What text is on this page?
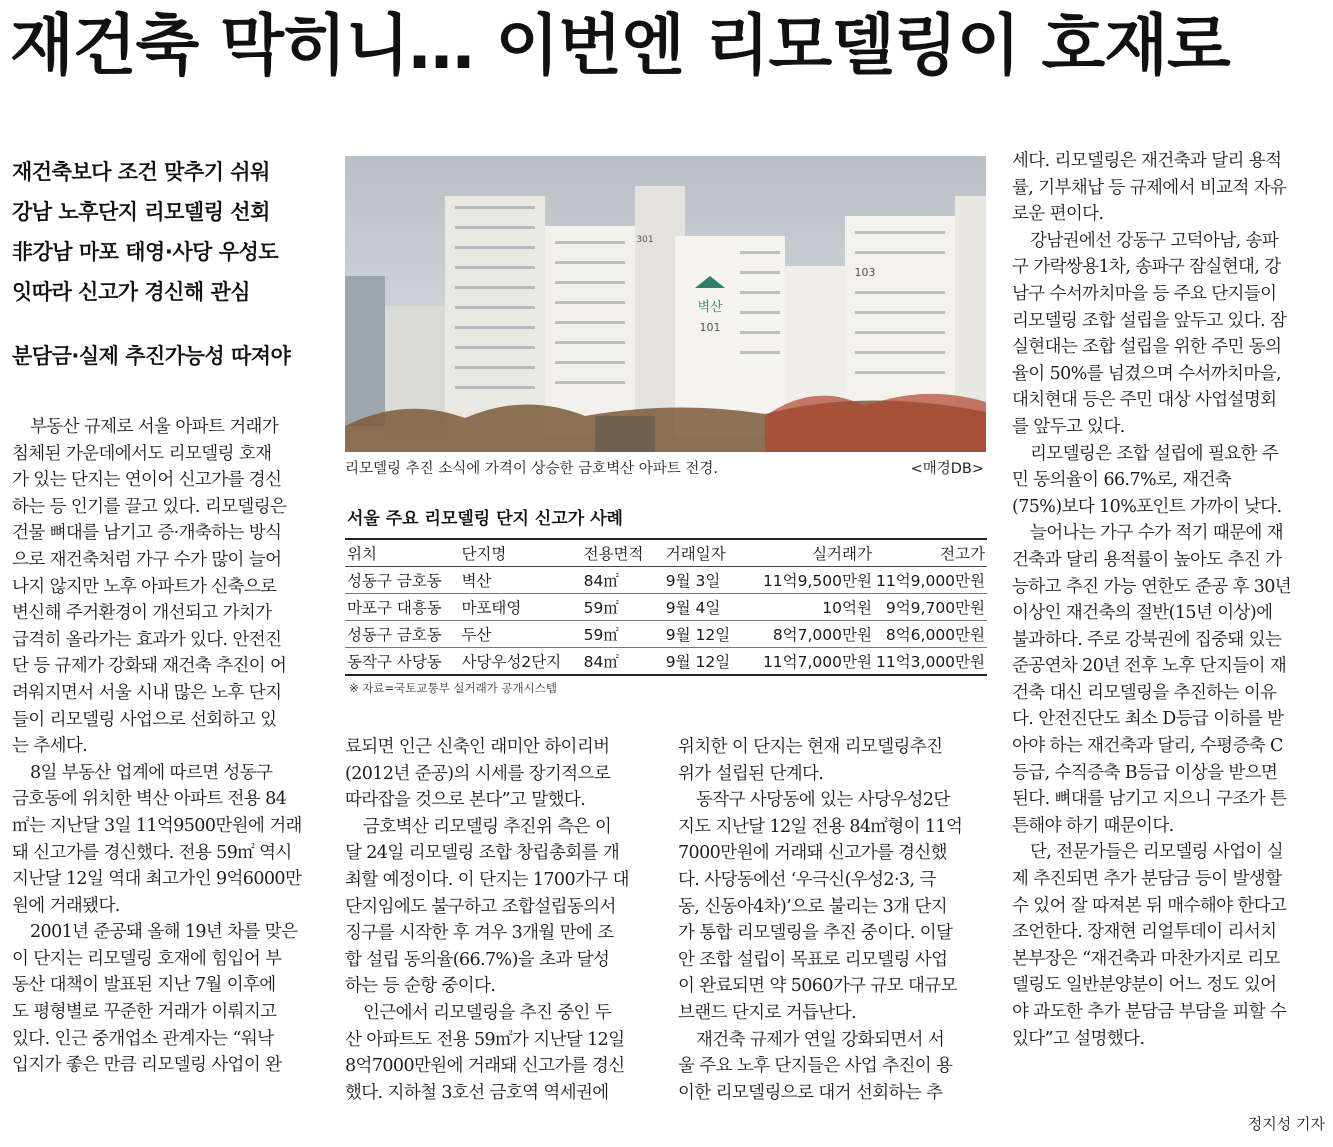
재건축 막히니… 이번엔 리모델링이 호재로
재건축보다 조건 맞추기 쉬워
강남 노후단지 리모델링 선회
非강남 마포 태영·사당 우성도
잇따라 신고가 경신해 관심
분담금·실제 추진가능성 따져야
부동산 규제로 서울 아파트 거래가
침체된 가운데에서도 리모델링 호재
가 있는 단지는 연이어 신고가를 경신
하는 등 인기를 끌고 있다. 리모델링은
건물 뼈대를 남기고 증·개축하는 방식
으로 재건축처럼 가구 수가 많이 늘어
나지 않지만 노후 아파트가 신축으로
변신해 주거환경이 개선되고 가치가
급격히 올라가는 효과가 있다. 안전진
단 등 규제가 강화돼 재건축 추진이 어
려워지면서 서울 시내 많은 노후 단지
들이 리모델링 사업으로 선회하고 있
는 추세다.
8일 부동산 업계에 따르면 성동구
금호동에 위치한 벽산 아파트 전용 84
㎡는 지난달 3일 11억9500만원에 거래
돼 신고가를 경신했다. 전용 59㎡ 역시
지난달 12일 역대 최고가인 9억6000만
원에 거래됐다.
2001년 준공돼 올해 19년 차를 맞은
이 단지는 리모델링 호재에 힘입어 부
동산 대책이 발표된 지난 7월 이후에
도 평형별로 꾸준한 거래가 이뤄지고
있다. 인근 중개업소 관계자는 “워낙
입지가 좋은 만큼 리모델링 사업이 완
벽산
101
103
301
리모델링 추진 소식에 가격이 상승한 금호벽산 아파트 전경.	<매경DB>
서울 주요 리모델링 단지 신고가 사례
위치	단지명	전용면적	거래일자	실거래가	전고가
성동구 금호동	벽산	84㎡	9월 3일	11억9,500만원	11억9,000만원
마포구 대흥동	마포태영	59㎡	9월 4일	10억원	9억9,700만원
성동구 금호동	두산	59㎡	9월 12일	8억7,000만원	8억6,000만원
동작구 사당동	사당우성2단지	84㎡	9월 12일	11억7,000만원	11억3,000만원
※ 자료=국토교통부 실거래가 공개시스템
료되면 인근 신축인 래미안 하이리버
(2012년 준공)의 시세를 장기적으로
따라잡을 것으로 본다”고 말했다.
금호벽산 리모델링 추진위 측은 이
달 24일 리모델링 조합 창립총회를 개
최할 예정이다. 이 단지는 1700가구 대
단지임에도 불구하고 조합설립동의서
징구를 시작한 후 겨우 3개월 만에 조
합 설립 동의율(66.7%)을 초과 달성
하는 등 순항 중이다.
인근에서 리모델링을 추진 중인 두
산 아파트도 전용 59㎡가 지난달 12일
8억7000만원에 거래돼 신고가를 경신
했다. 지하철 3호선 금호역 역세권에
위치한 이 단지는 현재 리모델링추진
위가 설립된 단계다.
동작구 사당동에 있는 사당우성2단
지도 지난달 12일 전용 84㎡형이 11억
7000만원에 거래돼 신고가를 경신했
다. 사당동에선 ‘우극신(우성2·3, 극
동, 신동아4차)’으로 불리는 3개 단지
가 통합 리모델링을 추진 중이다. 이달
안 조합 설립이 목표로 리모델링 사업
이 완료되면 약 5060가구 규모 대규모
브랜드 단지로 거듭난다.
재건축 규제가 연일 강화되면서 서
울 주요 노후 단지들은 사업 추진이 용
이한 리모델링으로 대거 선회하는 추
세다. 리모델링은 재건축과 달리 용적
률, 기부채납 등 규제에서 비교적 자유
로운 편이다.
강남권에선 강동구 고덕아남, 송파
구 가락쌍용1차, 송파구 잠실현대, 강
남구 수서까치마을 등 주요 단지들이
리모델링 조합 설립을 앞두고 있다. 잠
실현대는 조합 설립을 위한 주민 동의
율이 50%를 넘겼으며 수서까치마을,
대치현대 등은 주민 대상 사업설명회
를 앞두고 있다.
리모델링은 조합 설립에 필요한 주
민 동의율이 66.7%로, 재건축
(75%)보다 10%포인트 가까이 낮다.
늘어나는 가구 수가 적기 때문에 재
건축과 달리 용적률이 높아도 추진 가
능하고 추진 가능 연한도 준공 후 30년
이상인 재건축의 절반(15년 이상)에
불과하다. 주로 강북권에 집중돼 있는
준공연차 20년 전후 노후 단지들이 재
건축 대신 리모델링을 추진하는 이유
다. 안전진단도 최소 D등급 이하를 받
아야 하는 재건축과 달리, 수평증축 C
등급, 수직증축 B등급 이상을 받으면
된다. 뼈대를 남기고 지으니 구조가 튼
튼해야 하기 때문이다.
단, 전문가들은 리모델링 사업이 실
제 추진되면 추가 분담금 등이 발생할
수 있어 잘 따져본 뒤 매수해야 한다고
조언한다. 장재현 리얼투데이 리서치
본부장은 “재건축과 마찬가지로 리모
델링도 일반분양분이 어느 정도 있어
야 과도한 추가 분담금 부담을 피할 수
있다”고 설명했다.
정지성 기자
